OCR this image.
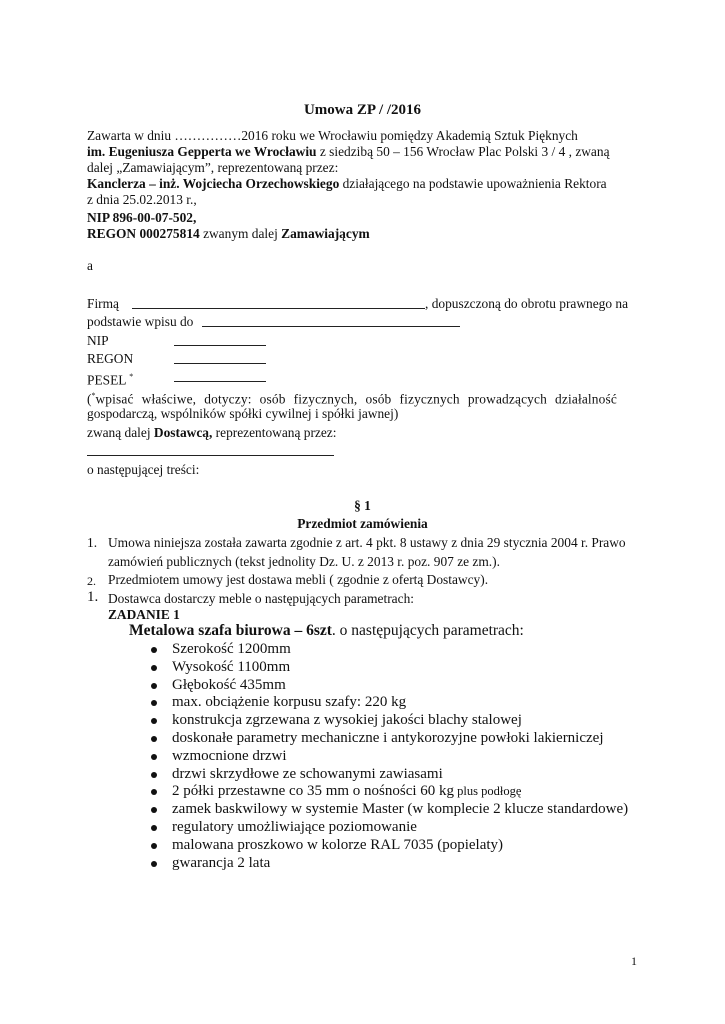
Umowa ZP / /2016
Zawarta w dniu ……………2016 roku we Wrocławiu pomiędzy Akademią Sztuk Pięknych
im. Eugeniusza Gepperta we Wrocławiu z siedzibą 50 – 156 Wrocław Plac Polski 3 / 4 , zwaną
dalej „Zamawiającym”, reprezentowaną przez:
Kanclerza – inż. Wojciecha Orzechowskiego działającego na podstawie upoważnienia Rektora
z dnia 25.02.2013 r.,
NIP 896-00-07-502,
REGON 000275814 zwanym dalej Zamawiającym
a
Firmą	, dopuszczoną do obrotu prawnego na
podstawie wpisu do
NIP
REGON
PESEL *
(*wpisać właściwe, dotyczy: osób fizycznych, osób fizycznych prowadzących działalność
gospodarczą, wspólników spółki cywilnej i spółki jawnej)
zwaną dalej Dostawcą, reprezentowaną przez:
o następującej treści:
§ 1
Przedmiot zamówienia
1. Umowa niniejsza została zawarta zgodnie z art. 4 pkt. 8 ustawy z dnia 29 stycznia 2004 r. Prawo
zamówień publicznych (tekst jednolity Dz. U. z 2013 r. poz. 907 ze zm.).
2. Przedmiotem umowy jest dostawa mebli ( zgodnie z ofertą Dostawcy).
1. Dostawca dostarczy meble o następujących parametrach:
ZADANIE 1
Metalowa szafa biurowa – 6szt. o następujących parametrach:
Szerokość 1200mm
Wysokość 1100mm
Głębokość 435mm
max. obciążenie korpusu szafy: 220 kg
konstrukcja zgrzewana z wysokiej jakości blachy stalowej
doskonałe parametry mechaniczne i antykorozyjne powłoki lakierniczej
wzmocnione drzwi
drzwi skrzydłowe ze schowanymi zawiasami
2 półki przestawne co 35 mm o nośności 60 kg plus podłogę
zamek baskwilowy w systemie Master (w komplecie 2 klucze standardowe)
regulatory umożliwiające poziomowanie
malowana proszkowo w kolorze RAL 7035 (popielaty)
gwarancja 2 lata
1
